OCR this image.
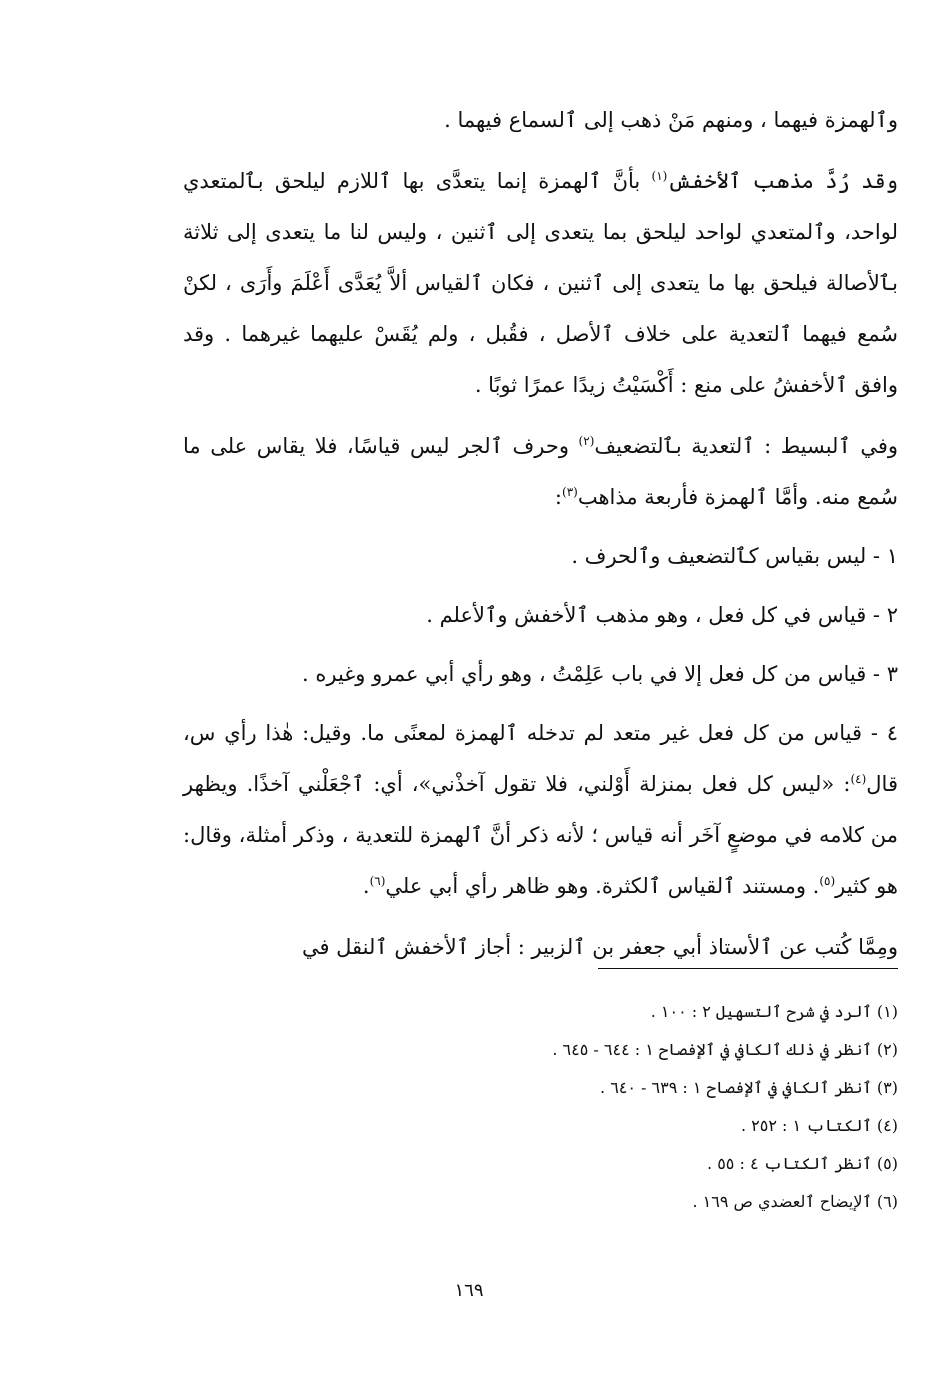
وٱلهمزة فيهما ، ومنهم مَنْ ذهب إلى ٱلسماع فيهما .

وقد رُدَّ مذهب ٱلأخفش$^{(١)}$ بأنَّ ٱلهمزة إنما يتعدَّى بها ٱللازم ليلحق بٱلمتعدي لواحد، وٱلمتعدي لواحد ليلحق بما يتعدى إلى ٱثنين ، وليس لنا ما يتعدى إلى ثلاثة بٱلأصالة فيلحق بها ما يتعدى إلى ٱثنين ، فكان ٱلقياس ألاَّ يُعَدَّى أَعْلَمَ وأَرَى ، لكنْ سُمع فيهما ٱلتعدية على خلاف ٱلأصل ، فقُبل ، ولم يُقَسْ عليهما غيرهما . وقد وافق ٱلأخفشُ على منع : أَكْسَيْتُ زيدًا عمرًا ثوبًا .

وفي ٱلبسيط : ٱلتعدية بٱلتضعيف$^{(٢)}$ وحرف ٱلجر ليس قياسًا، فلا يقاس على ما سُمع منه. وأمَّا ٱلهمزة فأربعة مذاهب$^{(٣)}$:

١ - ليس بقياس كٱلتضعيف وٱلحرف .

٢ - قياس في كل فعل ، وهو مذهب ٱلأخفش وٱلأعلم .

٣ - قياس من كل فعل إلا في باب عَلِمْتُ ، وهو رأي أبي عمرو وغيره .

٤ - قياس من كل فعل غير متعد لم تدخله ٱلهمزة لمعنًى ما. وقيل: هٰذا رأي س، قال$^{(٤)}$: «ليس كل فعل بمنزلة أَوْلني، فلا تقول آخذْني»، أي: ٱجْعَلْني آخذًا. ويظهر من كلامه في موضعٍ آخَر أنه قياس ؛ لأنه ذكر أنَّ ٱلهمزة للتعدية ، وذكر أمثلة، وقال: هو كثير$^{(٥)}$. ومستند ٱلقياس ٱلكثرة. وهو ظاهر رأي أبي علي$^{(٦)}$.

ومِمَّا كُتب عن ٱلأستاذ أبي جعفر بن ٱلزبير : أجاز ٱلأخفش ٱلنقل في

(١) ٱلرد في شرح ٱلتسهيل ٢ : ١٠٠ .

(٢) ٱنظر في ذٰلك ٱلكافي في ٱلإفصاح ١ : ٦٤٤ - ٦٤٥ .

(٣) ٱنظر ٱلكافي في ٱلإفصاح ١ : ٦٣٩ - ٦٤٠ .

(٤) ٱلكتاب ١ : ٢٥٢ .

(٥) ٱنظر ٱلكتاب ٤ : ٥٥ .

(٦) ٱلإيضاح ٱلعضدي ص ١٦٩ .

١٦٩
